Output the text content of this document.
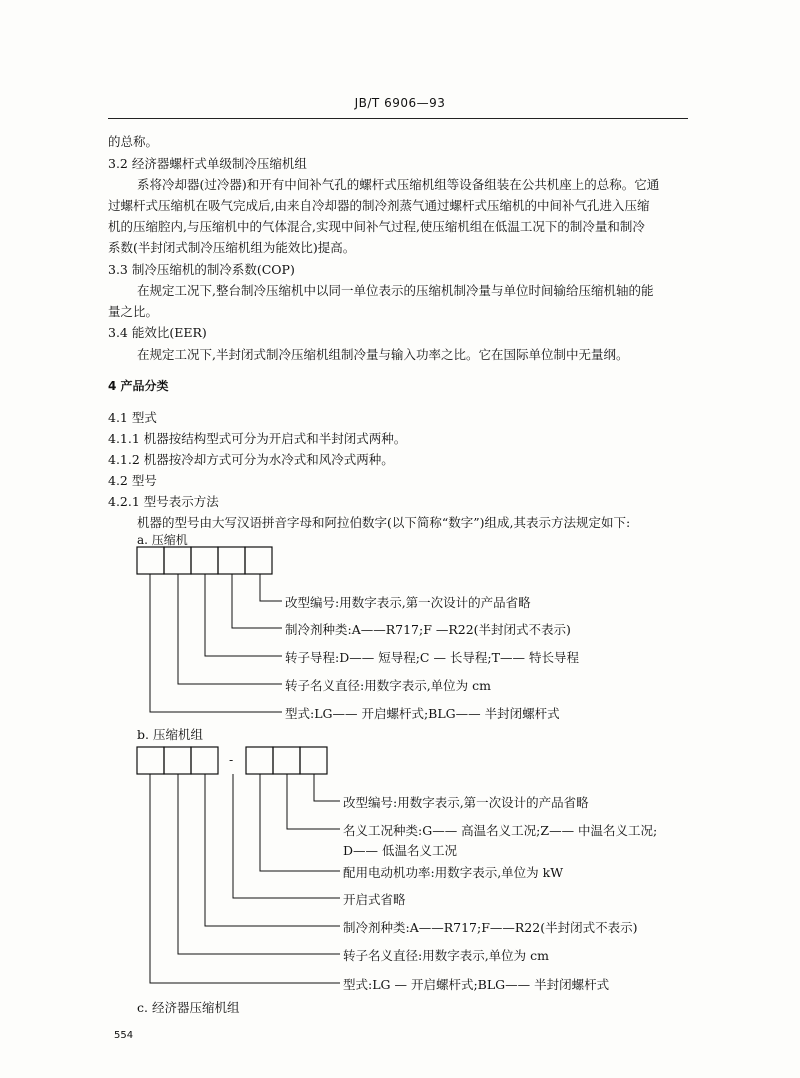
JB/T 6906—93
的总称。
3.2 经济器螺杆式单级制冷压缩机组
系将冷却器(过冷器)和开有中间补气孔的螺杆式压缩机组等设备组装在公共机座上的总称。它通
过螺杆式压缩机在吸气完成后,由来自冷却器的制冷剂蒸气通过螺杆式压缩机的中间补气孔进入压缩
机的压缩腔内,与压缩机中的气体混合,实现中间补气过程,使压缩机组在低温工况下的制冷量和制冷
系数(半封闭式制冷压缩机组为能效比)提高。
3.3 制冷压缩机的制冷系数(COP)
在规定工况下,整台制冷压缩机中以同一单位表示的压缩机制冷量与单位时间输给压缩机轴的能
量之比。
3.4 能效比(EER)
在规定工况下,半封闭式制冷压缩机组制冷量与输入功率之比。它在国际单位制中无量纲。
4 产品分类
4.1 型式
4.1.1 机器按结构型式可分为开启式和半封闭式两种。
4.1.2 机器按冷却方式可分为水冷式和风冷式两种。
4.2 型号
4.2.1 型号表示方法
机器的型号由大写汉语拼音字母和阿拉伯数字(以下简称“数字”)组成,其表示方法规定如下:
a. 压缩机
-
改型编号:用数字表示,第一次设计的产品省略
制冷剂种类:A——R717;F —R22(半封闭式不表示)
转子导程:D—— 短导程;C — 长导程;T—— 特长导程
转子名义直径:用数字表示,单位为 cm
型式:LG—— 开启螺杆式;BLG—— 半封闭螺杆式
b. 压缩机组
改型编号:用数字表示,第一次设计的产品省略
名义工况种类:G—— 高温名义工况;Z—— 中温名义工况;
D—— 低温名义工况
配用电动机功率:用数字表示,单位为 kW
开启式省略
制冷剂种类:A——R717;F——R22(半封闭式不表示)
转子名义直径:用数字表示,单位为 cm
型式:LG — 开启螺杆式;BLG—— 半封闭螺杆式
c. 经济器压缩机组
554
